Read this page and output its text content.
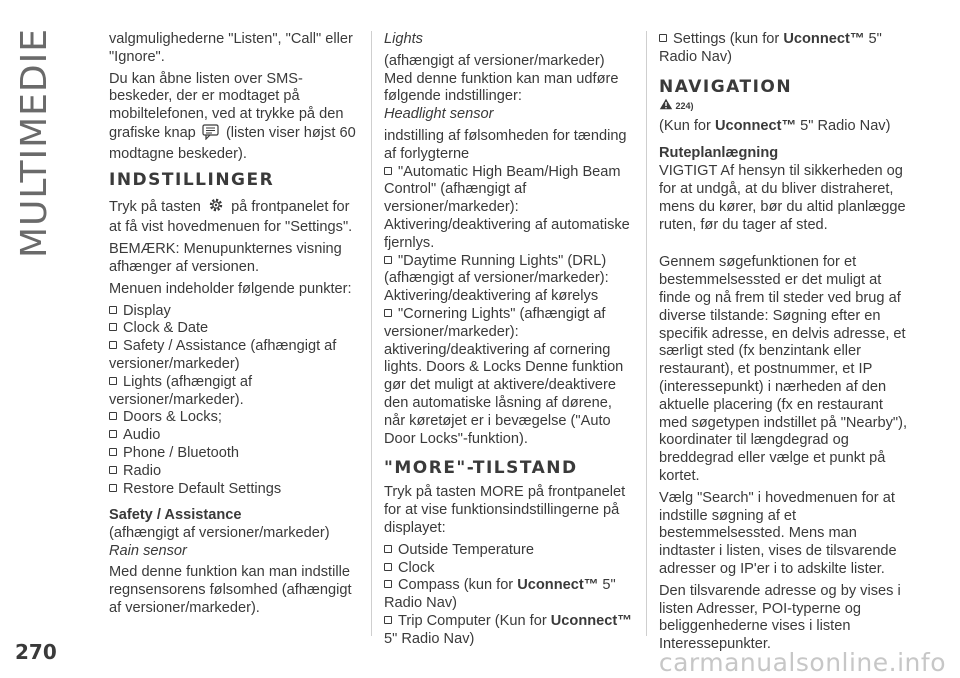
MULTIMEDIE	valgmulighederne "Listen", "Call" eller "Ignore".

Du kan åbne listen over SMS-beskeder, der er modtaget på mobiltelefonen, ved at trykke på den grafiske knap (listen viser højst 60 modtagne beskeder).

INDSTILLINGER

Tryk på tasten på frontpanelet for at få vist hovedmenuen for "Settings".

BEMÆRK: Menupunkternes visning afhænger af versionen.

Menuen indeholder følgende punkter:

Display
Clock & Date
Safety / Assistance (afhængigt af versioner/markeder)
Lights (afhængigt af versioner/markeder).
Doors & Locks;
Audio
Phone / Bluetooth
Radio
Restore Default Settings
Safety / Assistance

(afhængigt af versioner/markeder)

Rain sensor

Med denne funktion kan man indstille regnsensorens følsomhed (afhængigt af versioner/markeder).

Lights

(afhængigt af versioner/markeder)

Med denne funktion kan man udføre følgende indstillinger:

Headlight sensor

indstilling af følsomheden for tænding af forlygterne

"Automatic High Beam/High Beam Control" (afhængigt af versioner/markeder): Aktivering/deaktivering af automatiske fjernlys.
"Daytime Running Lights" (DRL) (afhængigt af versioner/markeder): Aktivering/deaktivering af kørelys
"Cornering Lights" (afhængigt af versioner/markeder): aktivering/deaktivering af cornering lights. Doors & Locks Denne funktion gør det muligt at aktivere/deaktivere den automatiske låsning af dørene, når køretøjet er i bevægelse ("Auto Door Locks"-funktion).
"MORE"-TILSTAND

Tryk på tasten MORE på frontpanelet for at vise funktionsindstillingerne på displayet:

Outside Temperature
Clock
Compass (kun for Uconnect™ 5" Radio Nav)
Trip Computer (Kun for Uconnect™ 5" Radio Nav)
Settings (kun for Uconnect™ 5" Radio Nav)
NAVIGATION
224)

(Kun for Uconnect™ 5" Radio Nav)

Ruteplanlægning

VIGTIGT Af hensyn til sikkerheden og for at undgå, at du bliver distraheret, mens du kører, bør du altid planlægge ruten, før du tager af sted.

Gennem søgefunktionen for et bestemmelsessted er det muligt at finde og nå frem til steder ved brug af diverse tilstande: Søgning efter en specifik adresse, en delvis adresse, et særligt sted (fx benzintank eller restaurant), et postnummer, et IP (interessepunkt) i nærheden af den aktuelle placering (fx en restaurant med søgetypen indstillet på "Nearby"), koordinater til længdegrad og breddegrad eller vælge et punkt på kortet.

Vælg "Search" i hovedmenuen for at indstille søgning af et bestemmelsessted. Mens man indtaster i listen, vises de tilsvarende adresser og IP'er i to adskilte lister.

Den tilsvarende adresse og by vises i listen Adresser, POI-typerne og beliggenhederne vises i listen Interessepunkter.

270	carmanualsonline.info
